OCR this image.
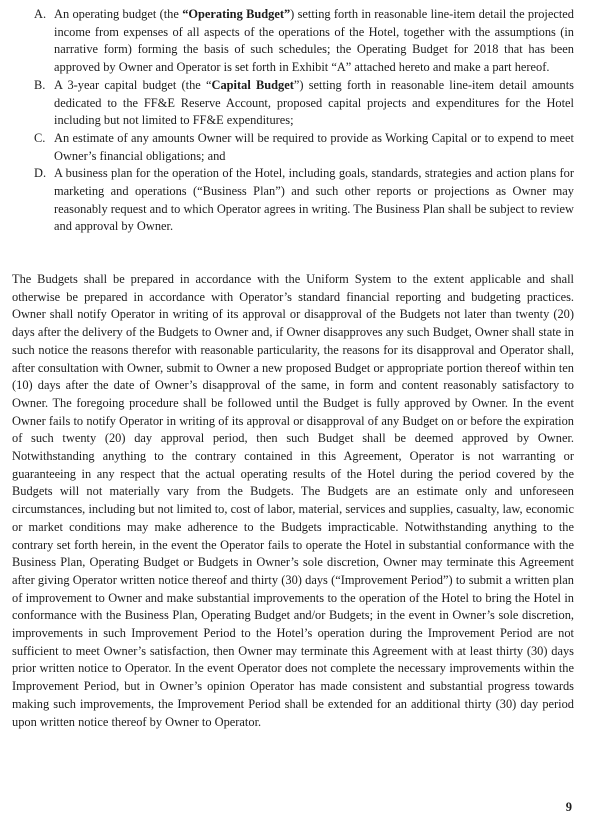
A. An operating budget (the “Operating Budget”) setting forth in reasonable line-item detail the projected income from expenses of all aspects of the operations of the Hotel, together with the assumptions (in narrative form) forming the basis of such schedules; the Operating Budget for 2018 that has been approved by Owner and Operator is set forth in Exhibit “A” attached hereto and make a part hereof.
B. A 3-year capital budget (the “Capital Budget”) setting forth in reasonable line-item detail amounts dedicated to the FF&E Reserve Account, proposed capital projects and expenditures for the Hotel including but not limited to FF&E expenditures;
C. An estimate of any amounts Owner will be required to provide as Working Capital or to expend to meet Owner’s financial obligations; and
D. A business plan for the operation of the Hotel, including goals, standards, strategies and action plans for marketing and operations (“Business Plan”) and such other reports or projections as Owner may reasonably request and to which Operator agrees in writing. The Business Plan shall be subject to review and approval by Owner.

The Budgets shall be prepared in accordance with the Uniform System to the extent applicable and shall otherwise be prepared in accordance with Operator’s standard financial reporting and budgeting practices. Owner shall notify Operator in writing of its approval or disapproval of the Budgets not later than twenty (20) days after the delivery of the Budgets to Owner and, if Owner disapproves any such Budget, Owner shall state in such notice the reasons therefor with reasonable particularity, the reasons for its disapproval and Operator shall, after consultation with Owner, submit to Owner a new proposed Budget or appropriate portion thereof within ten (10) days after the date of Owner’s disapproval of the same, in form and content reasonably satisfactory to Owner. The foregoing procedure shall be followed until the Budget is fully approved by Owner. In the event Owner fails to notify Operator in writing of its approval or disapproval of any Budget on or before the expiration of such twenty (20) day approval period, then such Budget shall be deemed approved by Owner. Notwithstanding anything to the contrary contained in this Agreement, Operator is not warranting or guaranteeing in any respect that the actual operating results of the Hotel during the period covered by the Budgets will not materially vary from the Budgets. The Budgets are an estimate only and unforeseen circumstances, including but not limited to, cost of labor, material, services and supplies, casualty, law, economic or market conditions may make adherence to the Budgets impracticable. Notwithstanding anything to the contrary set forth herein, in the event the Operator fails to operate the Hotel in substantial conformance with the Business Plan, Operating Budget or Budgets in Owner’s sole discretion, Owner may terminate this Agreement after giving Operator written notice thereof and thirty (30) days (“Improvement Period”) to submit a written plan of improvement to Owner and make substantial improvements to the operation of the Hotel to bring the Hotel in conformance with the Business Plan, Operating Budget and/or Budgets; in the event in Owner’s sole discretion, improvements in such Improvement Period to the Hotel’s operation during the Improvement Period are not sufficient to meet Owner’s satisfaction, then Owner may terminate this Agreement with at least thirty (30) days prior written notice to Operator. In the event Operator does not complete the necessary improvements within the Improvement Period, but in Owner’s opinion Operator has made consistent and substantial progress towards making such improvements, the Improvement Period shall be extended for an additional thirty (30) day period upon written notice thereof by Owner to Operator.

9
